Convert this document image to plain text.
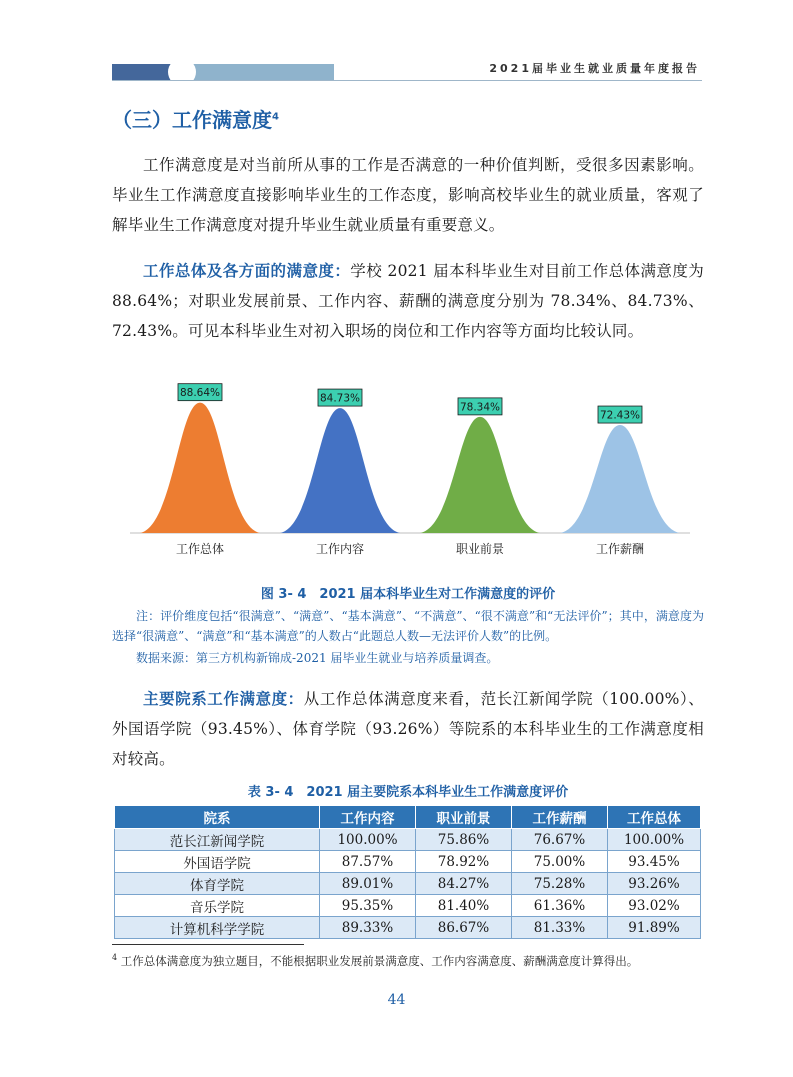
2021届毕业生就业质量年度报告
（三）工作满意度$^4$
工作满意度是对当前所从事的工作是否满意的一种价值判断，受很多因素影响。毕业生工作满意度直接影响毕业生的工作态度，影响高校毕业生的就业质量，客观了解毕业生工作满意度对提升毕业生就业质量有重要意义。
工作总体及各方面的满意度：学校 2021 届本科毕业生对目前工作总体满意度为 88.64%；对职业发展前景、工作内容、薪酬的满意度分别为 78.34%、84.73%、72.43%。可见本科毕业生对初入职场的岗位和工作内容等方面均比较认同。
88.64%
工作总体
84.73%
工作内容
78.34%
职业前景
72.43%
工作薪酬
图 3- 4　2021 届本科毕业生对工作满意度的评价
注：评价维度包括“很满意”、“满意”、“基本满意”、“不满意”、“很不满意”和“无法评价”；其中，满意度为选择“很满意”、“满意”和“基本满意”的人数占“此题总人数—无法评价人数”的比例。
数据来源：第三方机构新锦成-2021 届毕业生就业与培养质量调查。
主要院系工作满意度：从工作总体满意度来看，范长江新闻学院（100.00%）、外国语学院（93.45%）、体育学院（93.26%）等院系的本科毕业生的工作满意度相对较高。
表 3- 4　2021 届主要院系本科毕业生工作满意度评价
院系	工作内容	职业前景	工作薪酬	工作总体
范长江新闻学院	100.00%	75.86%	76.67%	100.00%
外国语学院	87.57%	78.92%	75.00%	93.45%
体育学院	89.01%	84.27%	75.28%	93.26%
音乐学院	95.35%	81.40%	61.36%	93.02%
计算机科学学院	89.33%	86.67%	81.33%	91.89%
$^4$ 工作总体满意度为独立题目，不能根据职业发展前景满意度、工作内容满意度、薪酬满意度计算得出。
44
